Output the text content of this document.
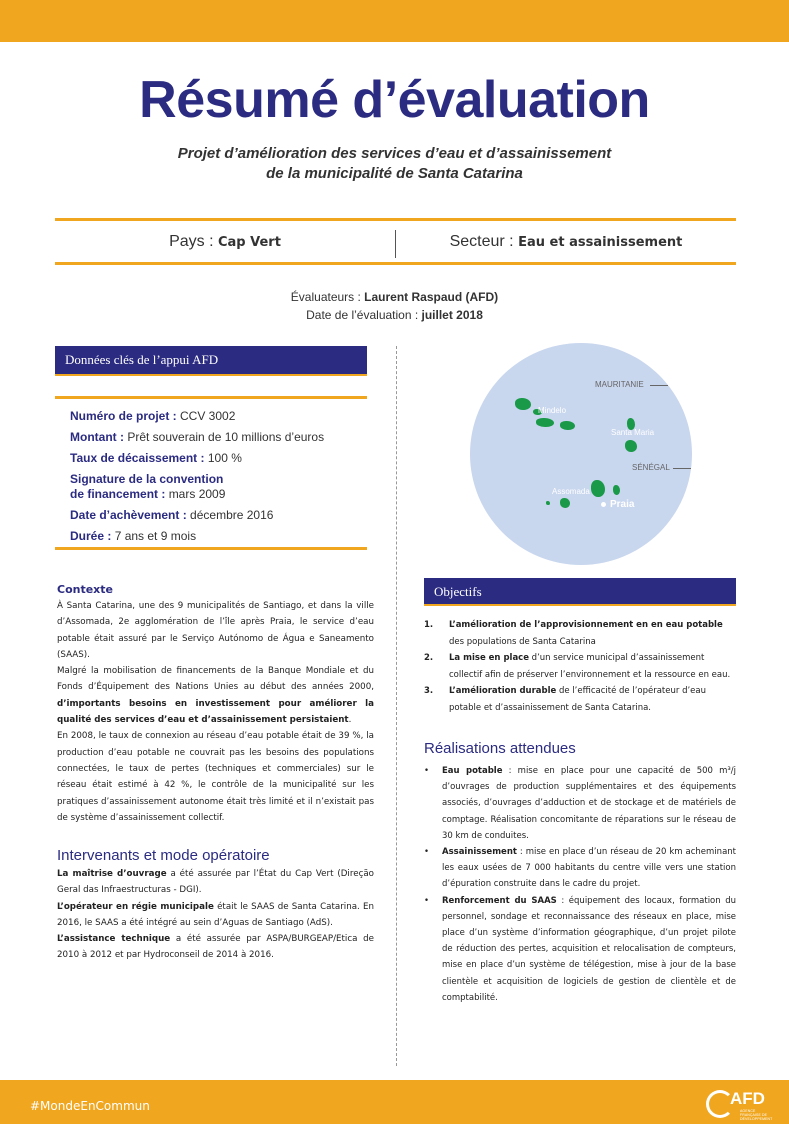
Résumé d’évaluation
Projet d’amélioration des services d’eau et d’assainissement
de la municipalité de Santa Catarina
Pays : Cap Vert	Secteur : Eau et assainissement
Évaluateurs : Laurent Raspaud (AFD)
Date de l’évaluation : juillet 2018
Données clés de l’appui AFD
Numéro de projet : CCV 3002
Montant : Prêt souverain de 10 millions d’euros
Taux de décaissement : 100 %
Signature de la convention de financement : mars 2009
Date d’achèvement : décembre 2016
Durée : 7 ans et 9 mois
MAURITANIE
SÉNÉGAL
Mindelo
Santa Maria
Assomada
Praia
Contexte

À Santa Catarina, une des 9 municipalités de Santiago, et dans la ville d’Assomada, 2e agglomération de l’île après Praia, le service d’eau potable était assuré par le Serviço Autónomo de Água e Saneamento (SAAS).

Malgré la mobilisation de financements de la Banque Mondiale et du Fonds d’Équipement des Nations Unies au début des années 2000, d’importants besoins en investissement pour améliorer la qualité des services d’eau et d’assainissement persistaient.

En 2008, le taux de connexion au réseau d’eau potable était de 39 %, la production d’eau potable ne couvrait pas les besoins des populations connectées, le taux de pertes (techniques et commerciales) sur le réseau était estimé à 42 %, le contrôle de la municipalité sur les pratiques d’assainissement autonome était très limité et il n’existait pas de système d’assainissement collectif.

Intervenants et mode opératoire

La maîtrise d’ouvrage a été assurée par l’État du Cap Vert (Direção Geral das Infraestructuras - DGI).

L’opérateur en régie municipale était le SAAS de Santa Catarina. En 2016, le SAAS a été intégré au sein d’Aguas de Santiago (AdS).

L’assistance technique a été assurée par ASPA/BURGEAP/Etica de 2010 à 2012 et par Hydroconseil de 2014 à 2016.

Objectifs
1. L’amélioration de l’approvisionnement en en eau potable des populations de Santa Catarina
2. La mise en place d’un service municipal d’assainissement collectif afin de préserver l’environnement et la ressource en eau.
3. L’amélioration durable de l’efficacité de l’opérateur d’eau potable et d’assainissement de Santa Catarina.
Réalisations attendues
• Eau potable : mise en place pour une capacité de 500 m³/j d’ouvrages de production supplémentaires et des équipements associés, d’ouvrages d’adduction et de stockage et de matériels de comptage. Réalisation concomitante de réparations sur le réseau de 30 km de conduites.
• Assainissement : mise en place d’un réseau de 20 km acheminant les eaux usées de 7 000 habitants du centre ville vers une station d’épuration construite dans le cadre du projet.
• Renforcement du SAAS : équipement des locaux, formation du personnel, sondage et reconnaissance des réseaux en place, mise place d’un système d’information géographique, d’un projet pilote de réduction des pertes, acquisition et relocalisation de compteurs, mise en place d’un système de télégestion, mise à jour de la base clientèle et acquisition de logiciels de gestion de clientèle et de comptabilité.
#MondeEnCommun	AFD
AGENCE FRANÇAISE DE DÉVELOPPEMENT
